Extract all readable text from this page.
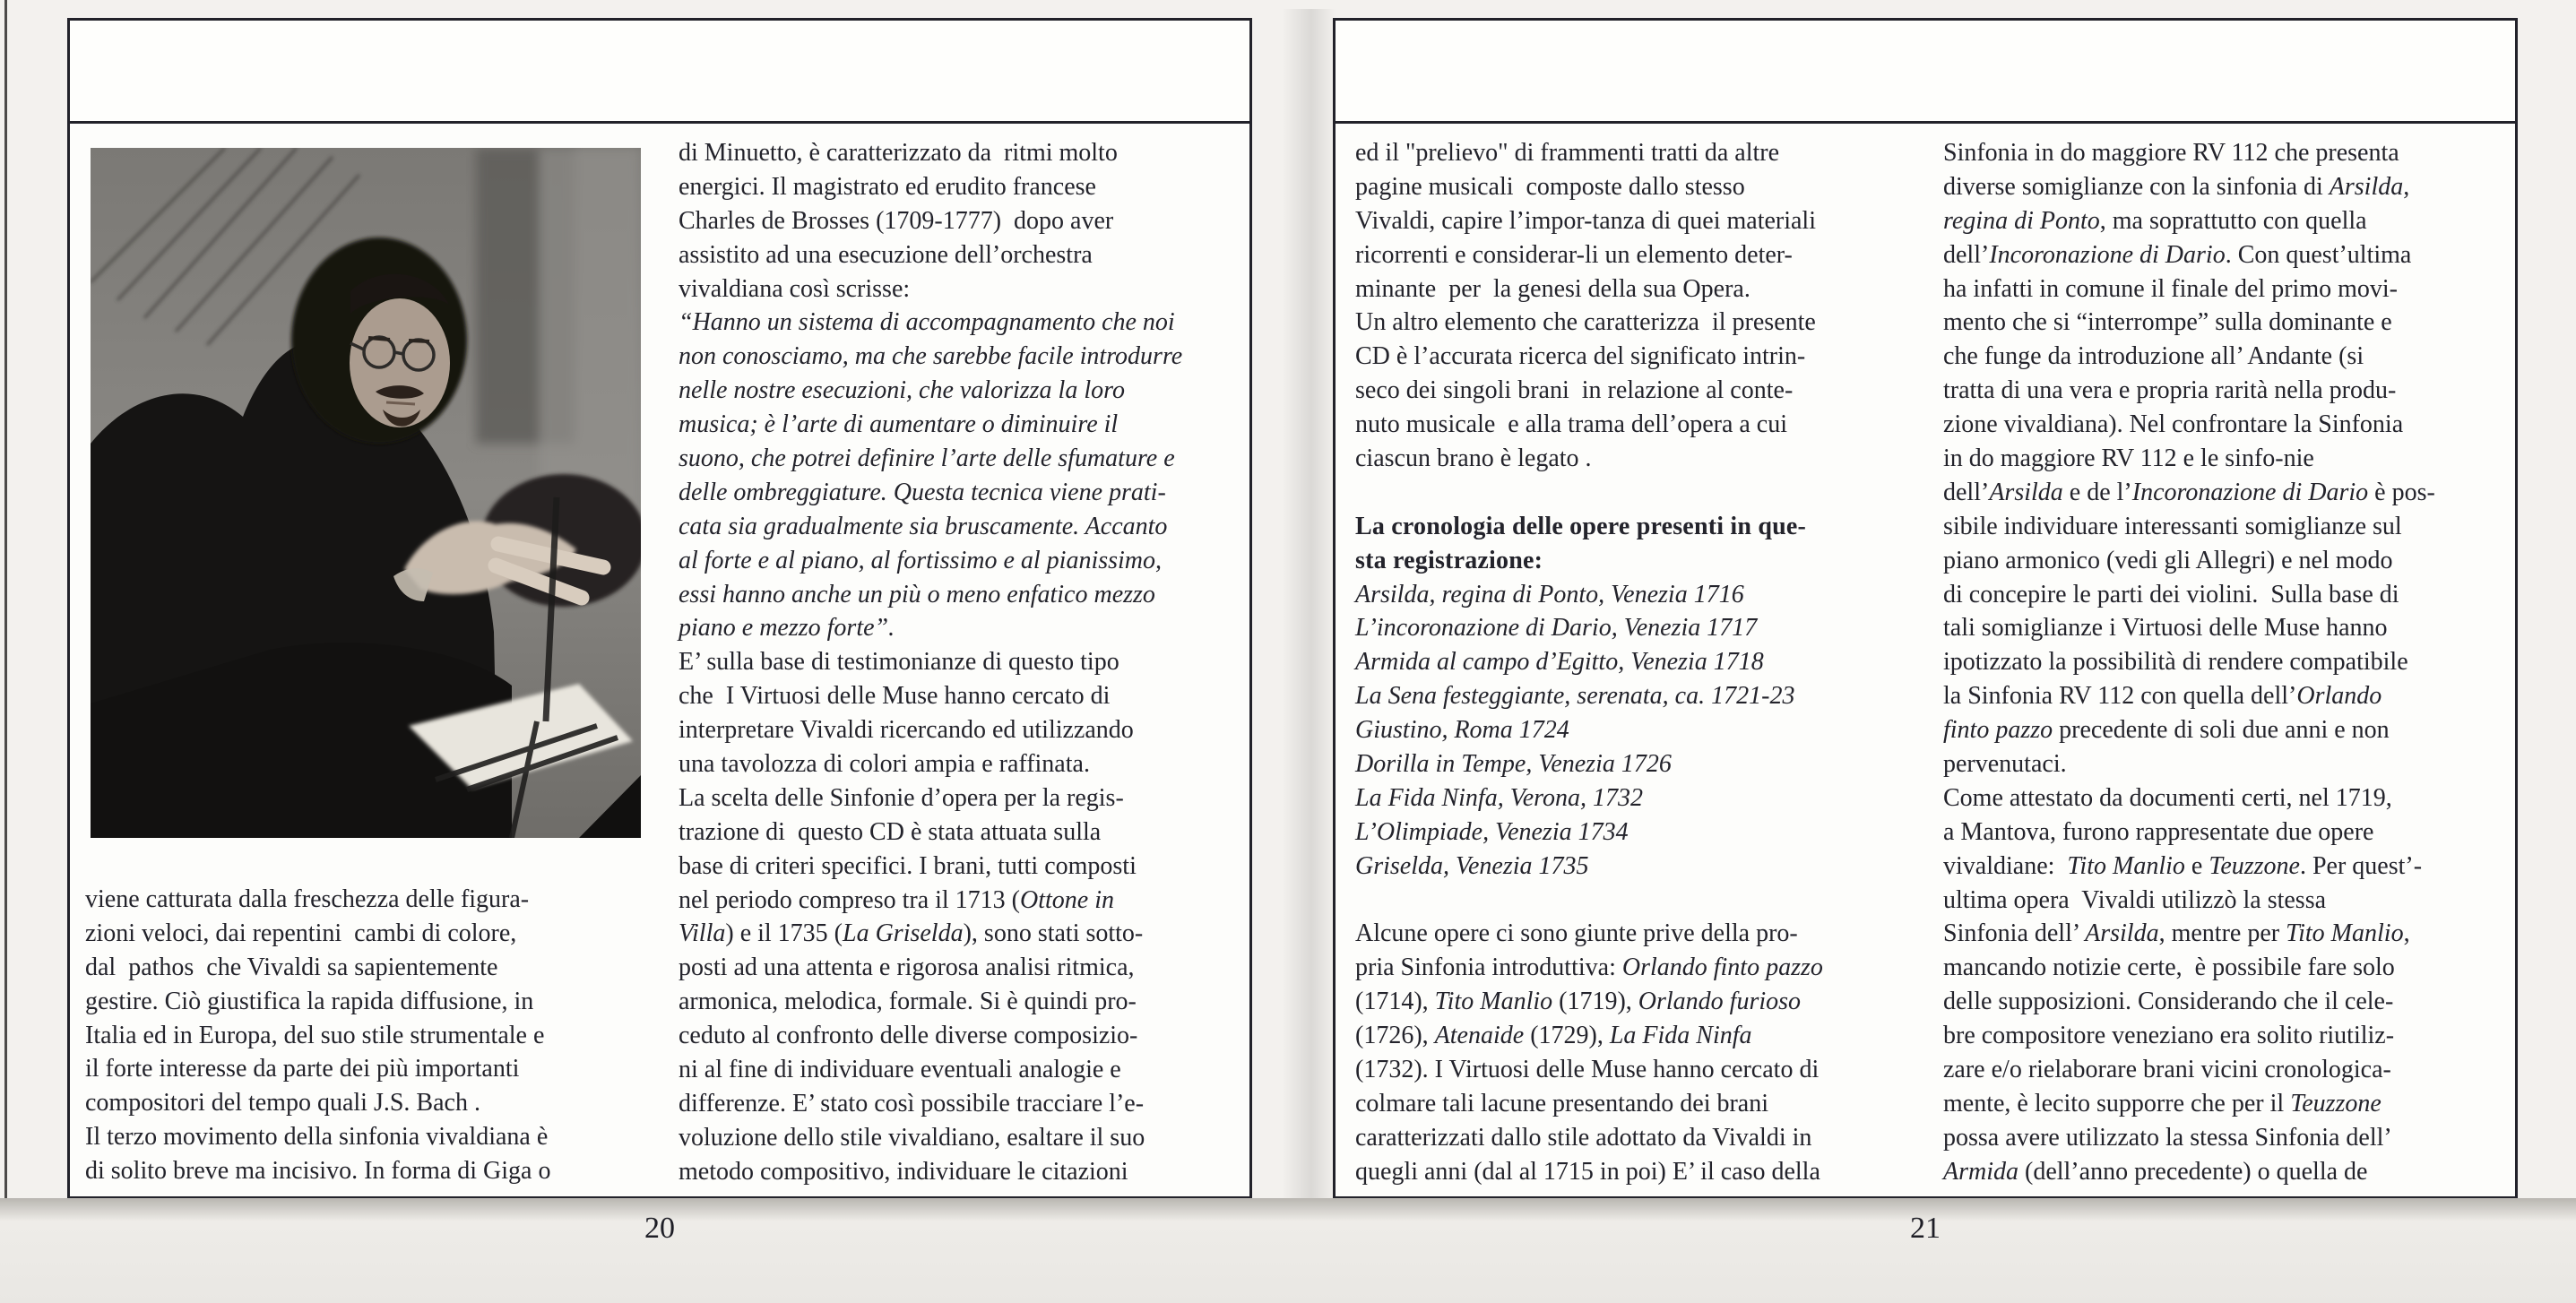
viene catturata dalla freschezza delle figura-
zioni veloci, dai repentini  cambi di colore,
dal  pathos  che Vivaldi sa sapientemente
gestire. Ciò giustifica la rapida diffusione, in
Italia ed in Europa, del suo stile strumentale e
il forte interesse da parte dei più importanti
compositori del tempo quali J.S. Bach .
Il terzo movimento della sinfonia vivaldiana è
di solito breve ma incisivo. In forma di Giga o
di Minuetto, è caratterizzato da  ritmi molto
energici. Il magistrato ed erudito francese
Charles de Brosses (1709-1777)  dopo aver
assistito ad una esecuzione dell’orchestra
vivaldiana così scrisse:
“Hanno un sistema di accompagnamento che noi
non conosciamo, ma che sarebbe facile introdurre
nelle nostre esecuzioni, che valorizza la loro
musica; è l’arte di aumentare o diminuire il
suono, che potrei definire l’arte delle sfumature e
delle ombreggiature. Questa tecnica viene prati-
cata sia gradualmente sia bruscamente. Accanto
al forte e al piano, al fortissimo e al pianissimo,
essi hanno anche un più o meno enfatico mezzo
piano e mezzo forte”.
E’ sulla base di testimonianze di questo tipo
che  I Virtuosi delle Muse hanno cercato di
interpretare Vivaldi ricercando ed utilizzando
una tavolozza di colori ampia e raffinata.
La scelta delle Sinfonie d’opera per la regis-
trazione di  questo CD è stata attuata sulla
base di criteri specifici. I brani, tutti composti
nel periodo compreso tra il 1713 (Ottone in
Villa) e il 1735 (La Griselda), sono stati sotto-
posti ad una attenta e rigorosa analisi ritmica,
armonica, melodica, formale. Si è quindi pro-
ceduto al confronto delle diverse composizio-
ni al fine di individuare eventuali analogie e
differenze. E’ stato così possibile tracciare l’e-
voluzione dello stile vivaldiano, esaltare il suo
metodo compositivo, individuare le citazioni
ed il "prelievo" di frammenti tratti da altre
pagine musicali  composte dallo stesso
Vivaldi, capire l’impor-tanza di quei materiali
ricorrenti e considerar-li un elemento deter-
minante  per  la genesi della sua Opera.
Un altro elemento che caratterizza  il presente
CD è l’accurata ricerca del significato intrin-
seco dei singoli brani  in relazione al conte-
nuto musicale  e alla trama dell’opera a cui
ciascun brano è legato .
La cronologia delle opere presenti in que-
sta registrazione:
Arsilda, regina di Ponto, Venezia 1716
L’incoronazione di Dario, Venezia 1717
Armida al campo d’Egitto, Venezia 1718
La Sena festeggiante, serenata, ca. 1721-23
Giustino, Roma 1724
Dorilla in Tempe, Venezia 1726
La Fida Ninfa, Verona, 1732
L’Olimpiade, Venezia 1734
Griselda, Venezia 1735
Alcune opere ci sono giunte prive della pro-
pria Sinfonia introduttiva: Orlando finto pazzo
(1714), Tito Manlio (1719), Orlando furioso
(1726), Atenaide (1729), La Fida Ninfa
(1732). I Virtuosi delle Muse hanno cercato di
colmare tali lacune presentando dei brani
caratterizzati dallo stile adottato da Vivaldi in
quegli anni (dal al 1715 in poi) E’ il caso della
Sinfonia in do maggiore RV 112 che presenta
diverse somiglianze con la sinfonia di Arsilda,
regina di Ponto, ma soprattutto con quella
dell’Incoronazione di Dario. Con quest’ultima
ha infatti in comune il finale del primo movi-
mento che si “interrompe” sulla dominante e
che funge da introduzione all’ Andante (si
tratta di una vera e propria rarità nella produ-
zione vivaldiana). Nel confrontare la Sinfonia
in do maggiore RV 112 e le sinfo-nie
dell’Arsilda e de l’Incoronazione di Dario è pos-
sibile individuare interessanti somiglianze sul
piano armonico (vedi gli Allegri) e nel modo
di concepire le parti dei violini.  Sulla base di
tali somiglianze i Virtuosi delle Muse hanno
ipotizzato la possibilità di rendere compatibile
la Sinfonia RV 112 con quella dell’Orlando
finto pazzo precedente di soli due anni e non
pervenutaci.
Come attestato da documenti certi, nel 1719,
a Mantova, furono rappresentate due opere
vivaldiane:  Tito Manlio e Teuzzone. Per quest’-
ultima opera  Vivaldi utilizzò la stessa
Sinfonia dell’ Arsilda, mentre per Tito Manlio,
mancando notizie certe,  è possibile fare solo
delle supposizioni. Considerando che il cele-
bre compositore veneziano era solito riutiliz-
zare e/o rielaborare brani vicini cronologica-
mente, è lecito supporre che per il Teuzzone
possa avere utilizzato la stessa Sinfonia dell’
Armida (dell’anno precedente) o quella de
20	21
